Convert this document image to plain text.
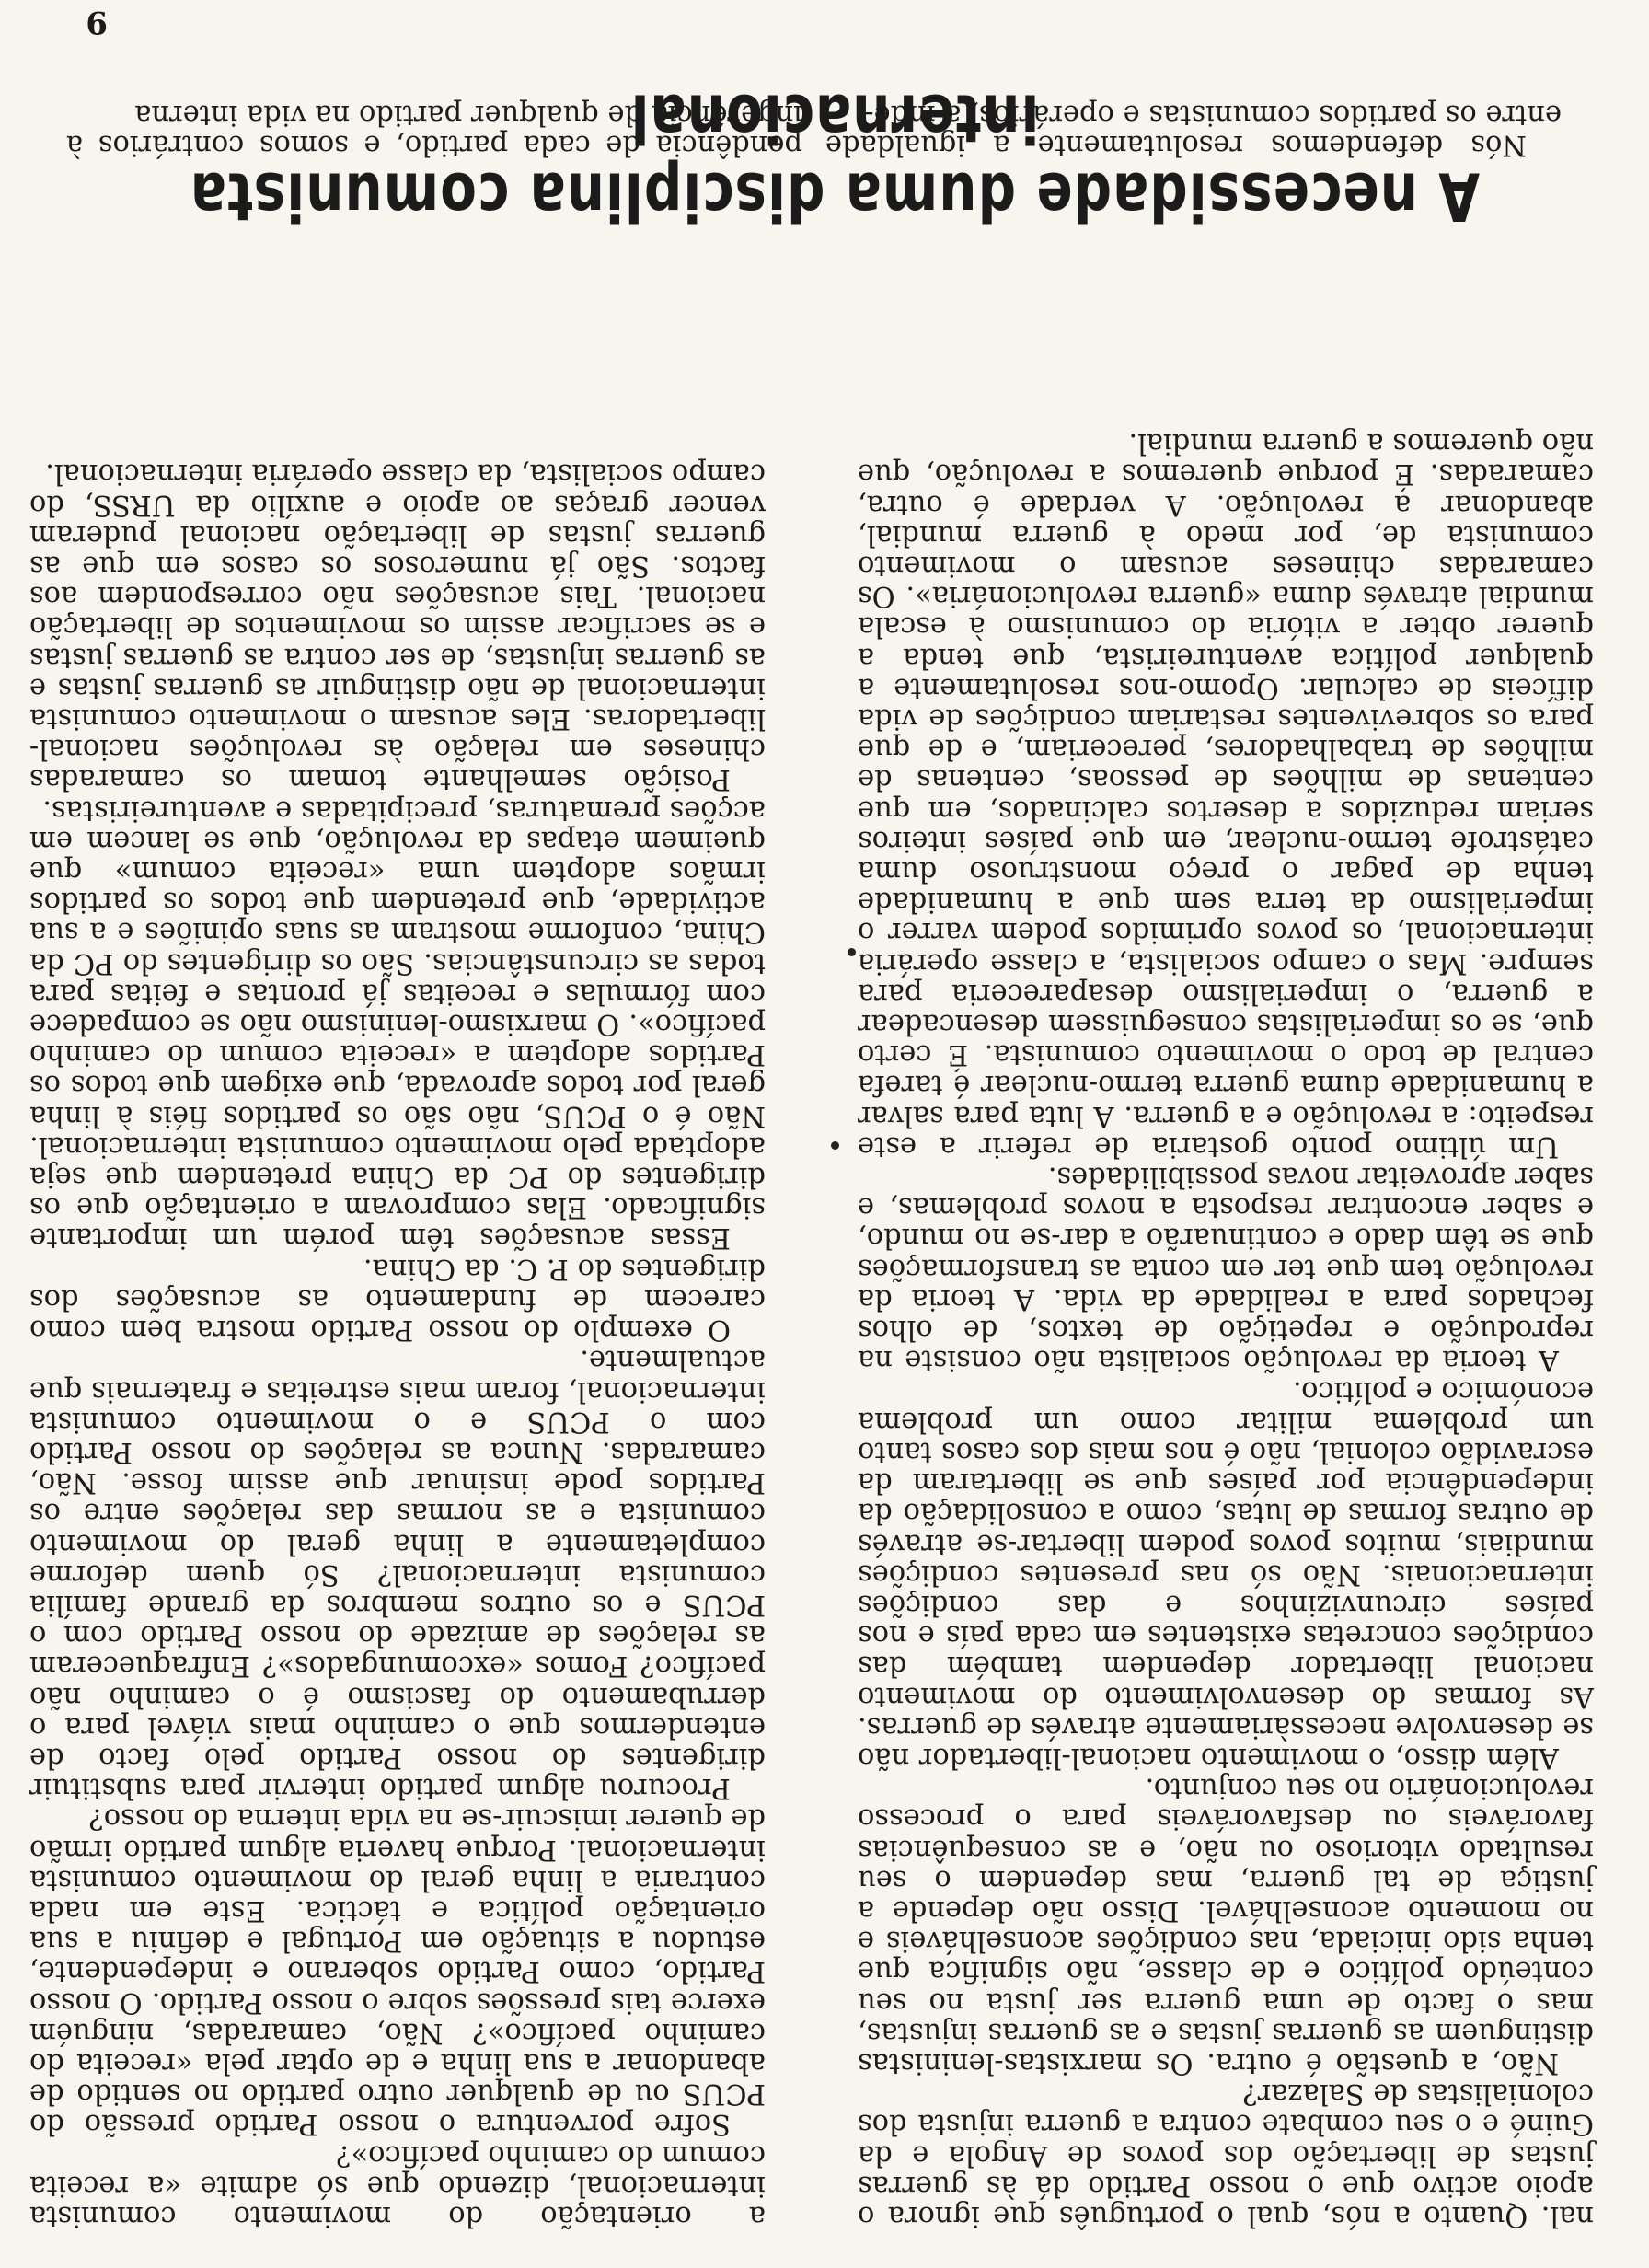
9

Nós defendemos resolutamente a igualdade entre os partidos comunistas e operários, a inde-

pendência de cada partido, e somos contrários à ingerência de qualquer partido na vida interna

A necessidade duma disciplina comunista internacional

a orientação do movimento comunista internacional, dizendo que só admite «a receita comum do caminho pacífico»?

Sofre porventura o nosso Partido pressão do PCUS ou de qualquer outro partido no sentido de abandonar a sua linha e de optar pela «receita do caminho pacífico»? Não, camaradas, ninguém exerce tais pressões sobre o nosso Partido. O nosso Partido, como Partido soberano e independente, estudou a situação em Portugal e definiu a sua orientação política e táctica. Este em nada contraria a linha geral do movimento comunista internacional. Porque haveria algum partido irmão de querer imiscuir-se na vida interna do nosso?

Procurou algum partido intervir para substituir dirigentes do nosso Partido pelo facto de entendermos que o caminho mais viável para o derrubamento do fascismo é o caminho não pacífico? Fomos «excomungados»? Enfraqueceram as relações de amizade do nosso Partido com o PCUS e os outros membros da grande família comunista internacional? Só quem deforme completamente a linha geral do movimento comunista e as normas das relações entre os Partidos pode insinuar que assim fosse. Não, camaradas. Nunca as relações do nosso Partido com o PCUS e o movimento comunista internacional, foram mais estreitas e fraternais que actualmente.

O exemplo do nosso Partido mostra bem como carecem de fundamento as acusações dos dirigentes do P. C. da China.

Essas acusações têm porém um importante significado. Elas comprovam a orientação que os dirigentes do PC da China pretendem que seja adoptada pelo movimento comunista internacional. Não é o PCUS, não são os partidos fiéis à linha geral por todos aprovada, que exigem que todos os Partidos adoptem a «receita comum do caminho pacífico». O marxismo-leninismo não se compadece com fórmulas e receitas já prontas e feitas para todas as circunstâncias. São os dirigentes do PC da China, conforme mostram as suas opiniões e a sua actividade, que pretendem que todos os partidos irmãos adoptem uma «receita comum» que queimem etapas da revolução, que se lancem em acções prematuras, precipitadas e aventureiristas.

Posição semelhante tomam os camaradas chineses em relação às revoluções nacional-libertadoras. Eles acusam o movimento comunista internacional de não distinguir as guerras justas e as guerras injustas, de ser contra as guerras justas e se sacrificar assim os movimentos de libertação nacional. Tais acusações não correspondem aos factos. São já numerosos os casos em que as guerras justas de libertação nacional puderam vencer graças ao apoio e auxílio da URSS, do campo socialista, da classe operária internacional.

nal. Quanto a nós, qual o português que ignora o apoio activo que o nosso Partido dá às guerras justas de libertação dos povos de Angola e da Guiné e o seu combate contra a guerra injusta dos colonialistas de Salazar?

Não, a questão é outra. Os marxistas-leninistas distinguem as guerras justas e as guerras injustas, mas o facto de uma guerra ser justa no seu conteúdo político e de classe, não significa que tenha sido iniciada, nas condições aconselháveis e no momento aconselhável. Disso não depende a justiça de tal guerra, mas dependem o seu resultado vitorioso ou não, e as consequências favoráveis ou desfavoráveis para o processo revolucionário no seu conjunto.

Além disso, o movimento nacional-libertador não se desenvolve necessàriamente através de guerras. As formas do desenvolvimento do movimento nacional libertador dependem também das condições concretas existentes em cada país e nos países circunvizinhos e das condições internacionais. Não só nas presentes condições mundiais, muitos povos podem libertar-se através de outras formas de lutas, como a consolidação da independência por países que se libertaram da escravidão colonial, não é nos mais dos casos tanto um problema militar como um problema económico e político.

A teoria da revolução socialista não consiste na reprodução e repetição de textos, de olhos fechados para a realidade da vida. A teoria da revolução tem que ter em conta as transformações que se têm dado e continuarão a dar-se no mundo, e saber encontrar resposta a novos problemas, e saber aproveitar novas possibilidades.

Um último ponto gostaria de referir a este respeito: a revolução e a guerra. A luta para salvar a humanidade duma guerra termo-nuclear é tarefa central de todo o movimento comunista. É certo que, se os imperialistas conseguissem desencadear a guerra, o imperialismo desapareceria para sempre. Mas o campo socialista, a classe operária internacional, os povos oprimidos podem varrer o imperialismo da terra sem que a humanidade tenha de pagar o preço monstruoso duma catástrofe termo-nuclear, em que países inteiros seriam reduzidos a desertos calcinados, em que centenas de milhões de pessoas, centenas de milhões de trabalhadores, pereceriam, e de que para os sobreviventes restariam condições de vida difíceis de calcular. Opomo-nos resolutamente a qualquer política aventureirista, que tenda a querer obter a vitória do comunismo à escala mundial através duma «guerra revolucionária». Os camaradas chineses acusam o movimento comunista de, por medo à guerra mundial, abandonar a revolução. A verdade é outra, camaradas. É porque queremos a revolução, que não queremos a guerra mundial.
